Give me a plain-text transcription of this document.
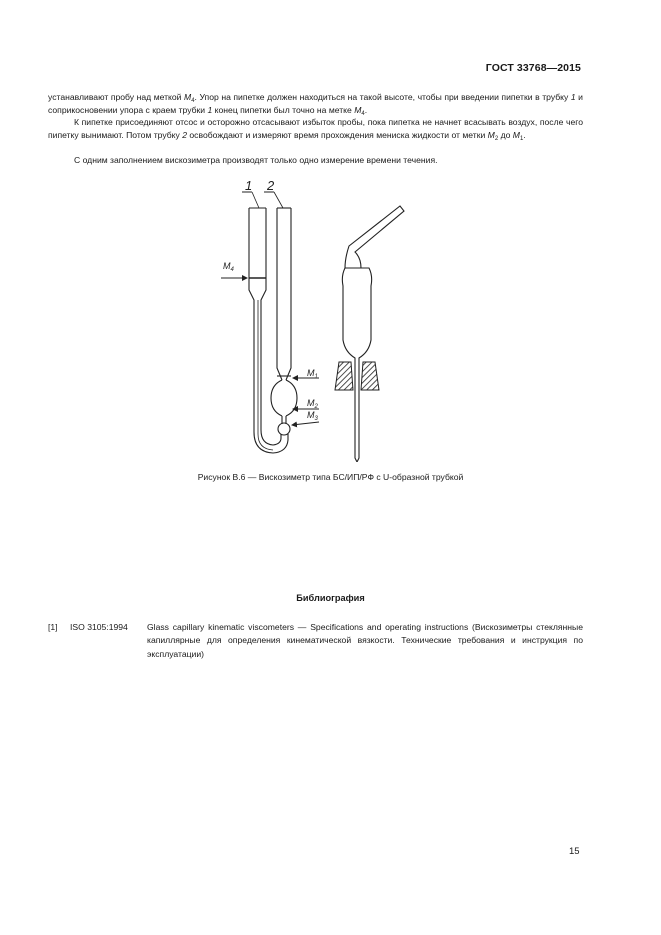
ГОСТ 33768—2015

устанавливают пробу над меткой $M_4$. Упор на пипетке должен находиться на такой высоте, чтобы при введении пипетки в трубку 1 и соприкосновении упора с краем трубки 1 конец пипетки был точно на метке $M_4$.

К пипетке присоединяют отсос и осторожно отсасывают избыток пробы, пока пипетка не начнет всасывать воздух, после чего пипетку вынимают. Потом трубку 2 освобождают и измеряют время прохождения мениска жидкости от метки $M_2$ до $M_1$.

С одним заполнением вискозиметра производят только одно измерение времени течения.

1 2
$M_4$
$M_1$
$M_2$
$M_3$
Рисунок В.6 — Вискозиметр типа БС/ИП/РФ с U-образной трубкой
Библиография
[1] ISO 3105:1994 Glass capillary kinematic viscometers — Specifications and operating instructions (Вискозиметры стеклянные капиллярные для определения кинематической вязкости. Технические требования и инструкция по эксплуатации)

15
